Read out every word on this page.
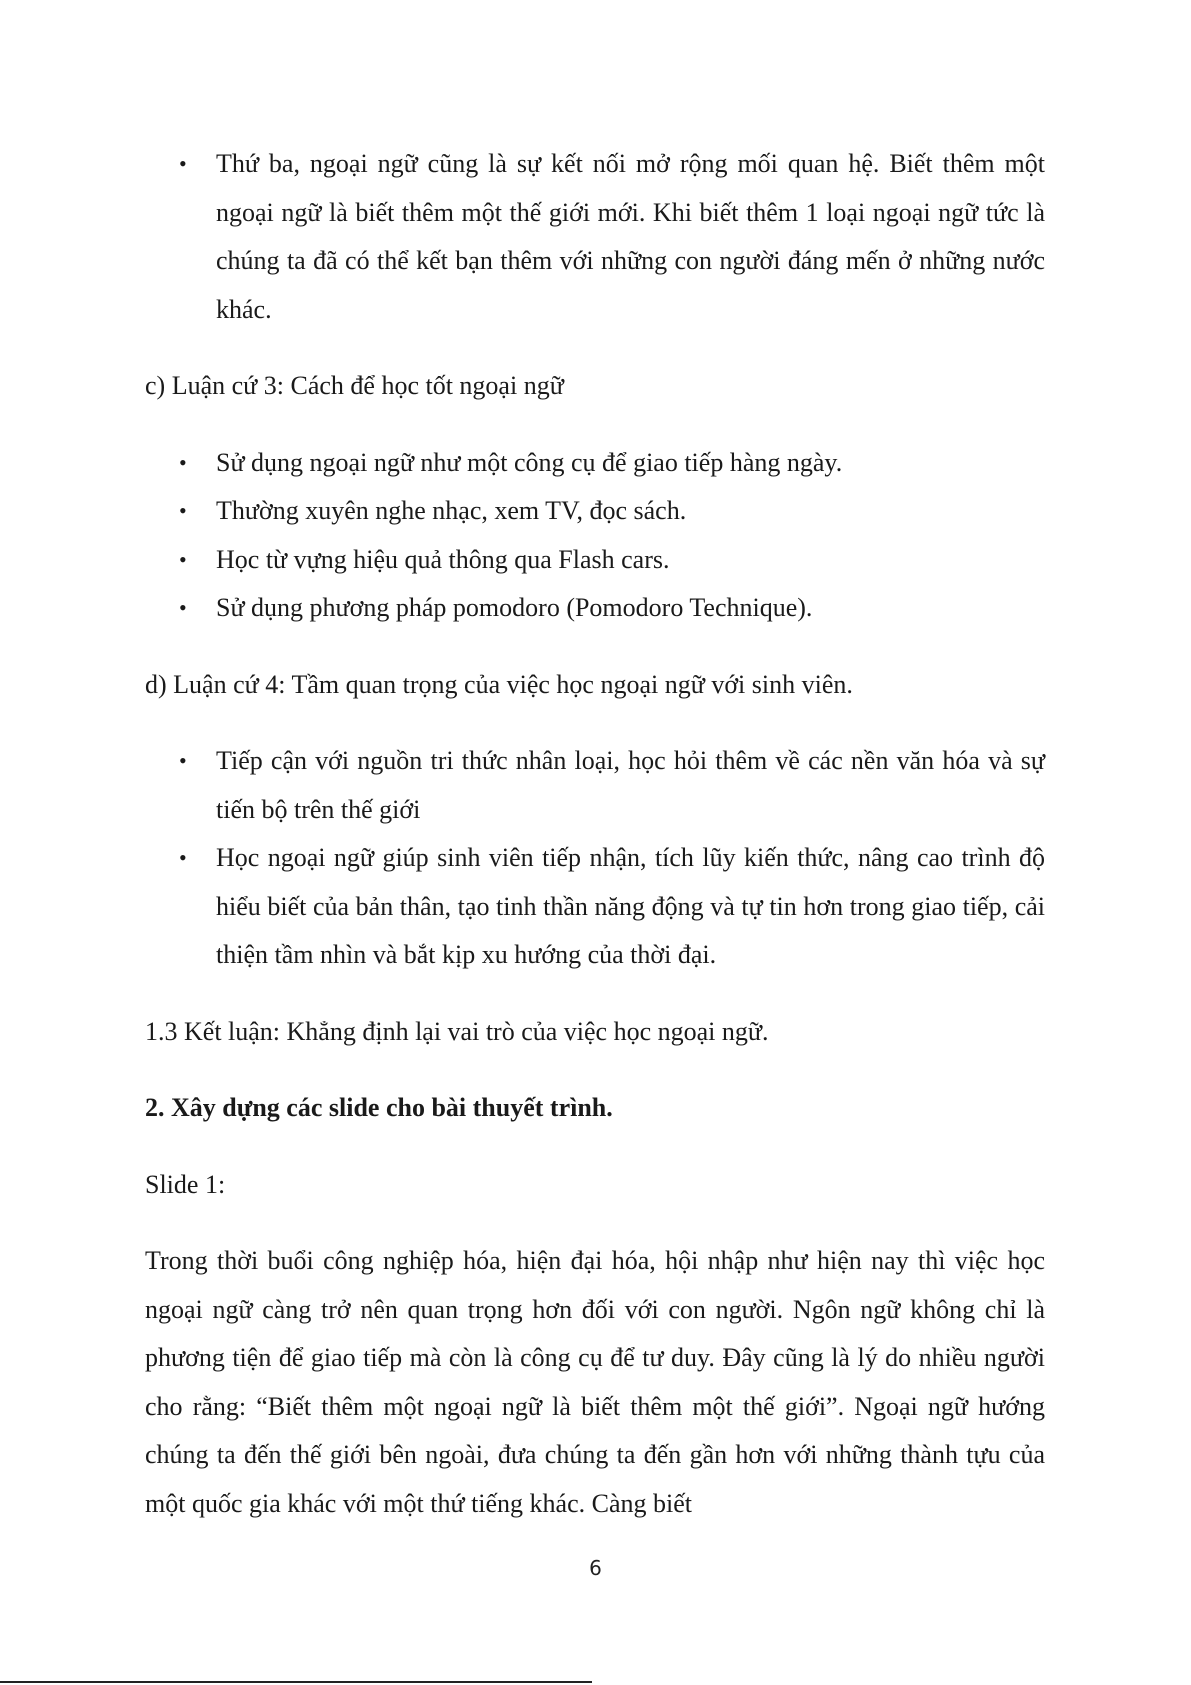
• Thứ ba, ngoại ngữ cũng là sự kết nối mở rộng mối quan hệ. Biết thêm một ngoại ngữ là biết thêm một thế giới mới. Khi biết thêm 1 loại ngoại ngữ tức là chúng ta đã có thể kết bạn thêm với những con người đáng mến ở những nước khác.
c) Luận cứ 3: Cách để học tốt ngoại ngữ
• Sử dụng ngoại ngữ như một công cụ để giao tiếp hàng ngày.
• Thường xuyên nghe nhạc, xem TV, đọc sách.
• Học từ vựng hiệu quả thông qua Flash cars.
• Sử dụng phương pháp pomodoro (Pomodoro Technique).
d) Luận cứ 4: Tầm quan trọng của việc học ngoại ngữ với sinh viên.
• Tiếp cận với nguồn tri thức nhân loại, học hỏi thêm về các nền văn hóa và sự tiến bộ trên thế giới
• Học ngoại ngữ giúp sinh viên tiếp nhận, tích lũy kiến thức, nâng cao trình độ hiểu biết của bản thân, tạo tinh thần năng động và tự tin hơn trong giao tiếp, cải thiện tầm nhìn và bắt kịp xu hướng của thời đại.
1.3 Kết luận: Khẳng định lại vai trò của việc học ngoại ngữ.
2. Xây dựng các slide cho bài thuyết trình.
Slide 1:

Trong thời buổi công nghiệp hóa, hiện đại hóa, hội nhập như hiện nay thì việc học ngoại ngữ càng trở nên quan trọng hơn đối với con người. Ngôn ngữ không chỉ là phương tiện để giao tiếp mà còn là công cụ để tư duy. Đây cũng là lý do nhiều người cho rằng: “Biết thêm một ngoại ngữ là biết thêm một thế giới”. Ngoại ngữ hướng chúng ta đến thế giới bên ngoài, đưa chúng ta đến gần hơn với những thành tựu của một quốc gia khác với một thứ tiếng khác. Càng biết

6
